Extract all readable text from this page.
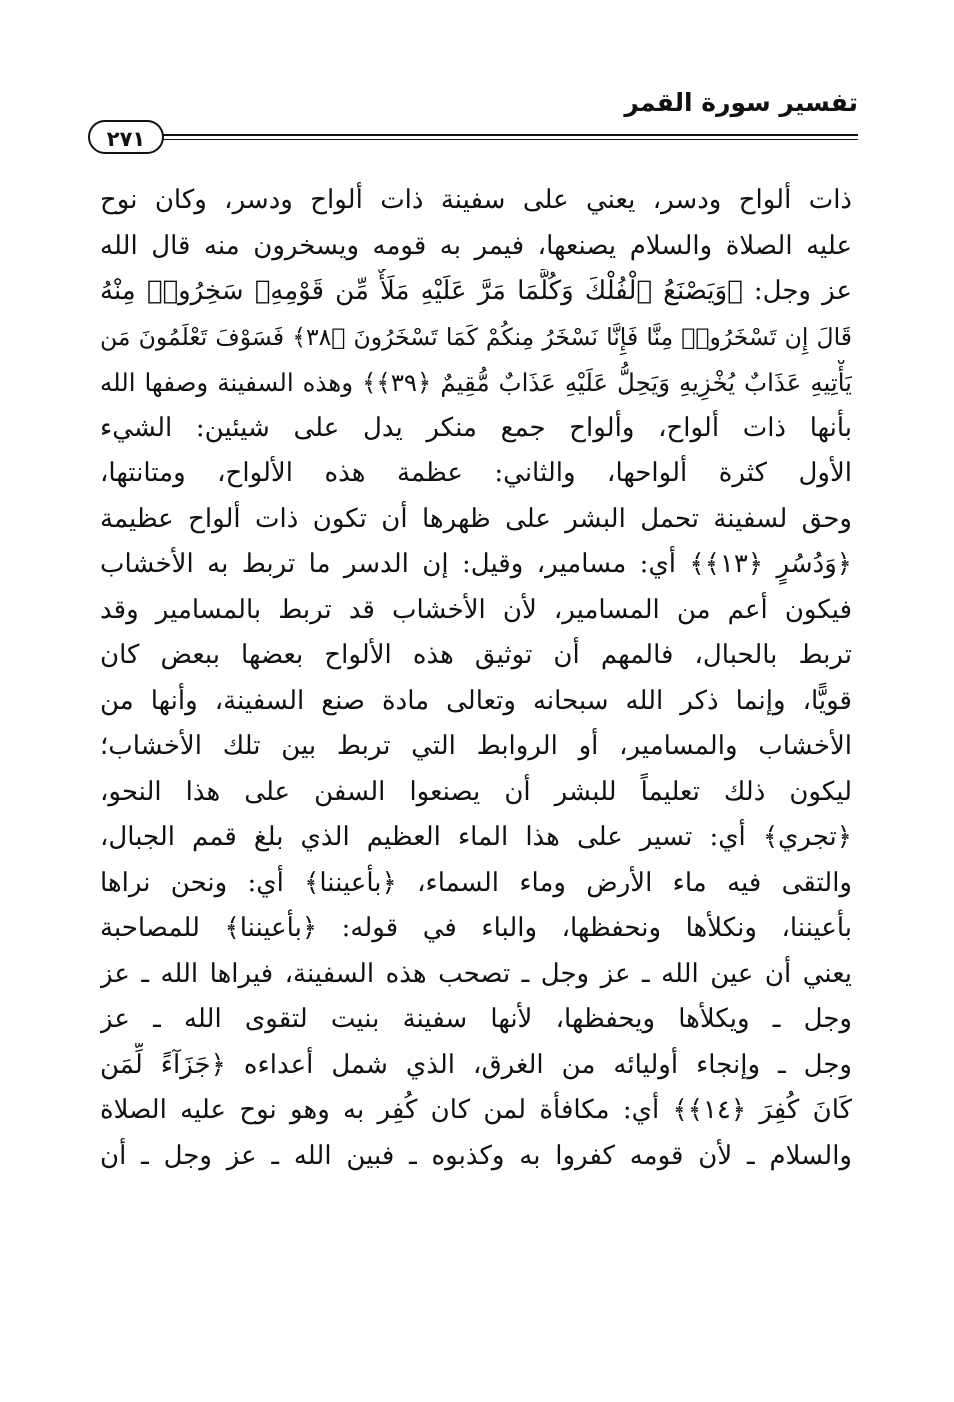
تفسير سورة القمر
٢٧١
ذات ألواح ودسر، يعني على سفينة ذات ألواح ودسر، وكان نوح
عليه الصلاة والسلام يصنعها، فيمر به قومه ويسخرون منه قال الله
عز وجل: ﴿وَيَصْنَعُ ٱلْفُلْكَ وَكُلَّمَا مَرَّ عَلَيْهِ مَلَأٌ مِّن قَوْمِهِۦ سَخِرُوا۟ مِنْهُ
قَالَ إِن تَسْخَرُوا۟ مِنَّا فَإِنَّا نَسْخَرُ مِنكُمْ كَمَا تَسْخَرُونَ ﴿٣٨﴾ فَسَوْفَ تَعْلَمُونَ مَن
يَأْتِيهِ عَذَابٌ يُخْزِيهِ وَيَحِلُّ عَلَيْهِ عَذَابٌ مُّقِيمٌ ﴿٣٩﴾﴾ وهذه السفينة وصفها الله
بأنها ذات ألواح، وألواح جمع منكر يدل على شيئين: الشيء
الأول كثرة ألواحها، والثاني: عظمة هذه الألواح، ومتانتها،
وحق لسفينة تحمل البشر على ظهرها أن تكون ذات ألواح عظيمة
﴿وَدُسُرٍ ﴿١٣﴾﴾ أي: مسامير، وقيل: إن الدسر ما تربط به الأخشاب
فيكون أعم من المسامير، لأن الأخشاب قد تربط بالمسامير وقد
تربط بالحبال، فالمهم أن توثيق هذه الألواح بعضها ببعض كان
قويًّا، وإنما ذكر الله سبحانه وتعالى مادة صنع السفينة، وأنها من
الأخشاب والمسامير، أو الروابط التي تربط بين تلك الأخشاب؛
ليكون ذلك تعليماً للبشر أن يصنعوا السفن على هذا النحو،
﴿تجري﴾ أي: تسير على هذا الماء العظيم الذي بلغ قمم الجبال،
والتقى فيه ماء الأرض وماء السماء، ﴿بأعيننا﴾ أي: ونحن نراها
بأعيننا، ونكلأها ونحفظها، والباء في قوله: ﴿بأعيننا﴾ للمصاحبة
يعني أن عين الله ـ عز وجل ـ تصحب هذه السفينة، فيراها الله ـ عز
وجل ـ ويكلأها ويحفظها، لأنها سفينة بنيت لتقوى الله ـ عز
وجل ـ وإنجاء أوليائه من الغرق، الذي شمل أعداءه ﴿جَزَآءً لِّمَن
كَانَ كُفِرَ ﴿١٤﴾﴾ أي: مكافأة لمن كان كُفِر به وهو نوح عليه الصلاة
والسلام ـ لأن قومه كفروا به وكذبوه ـ فبين الله ـ عز وجل ـ أن
